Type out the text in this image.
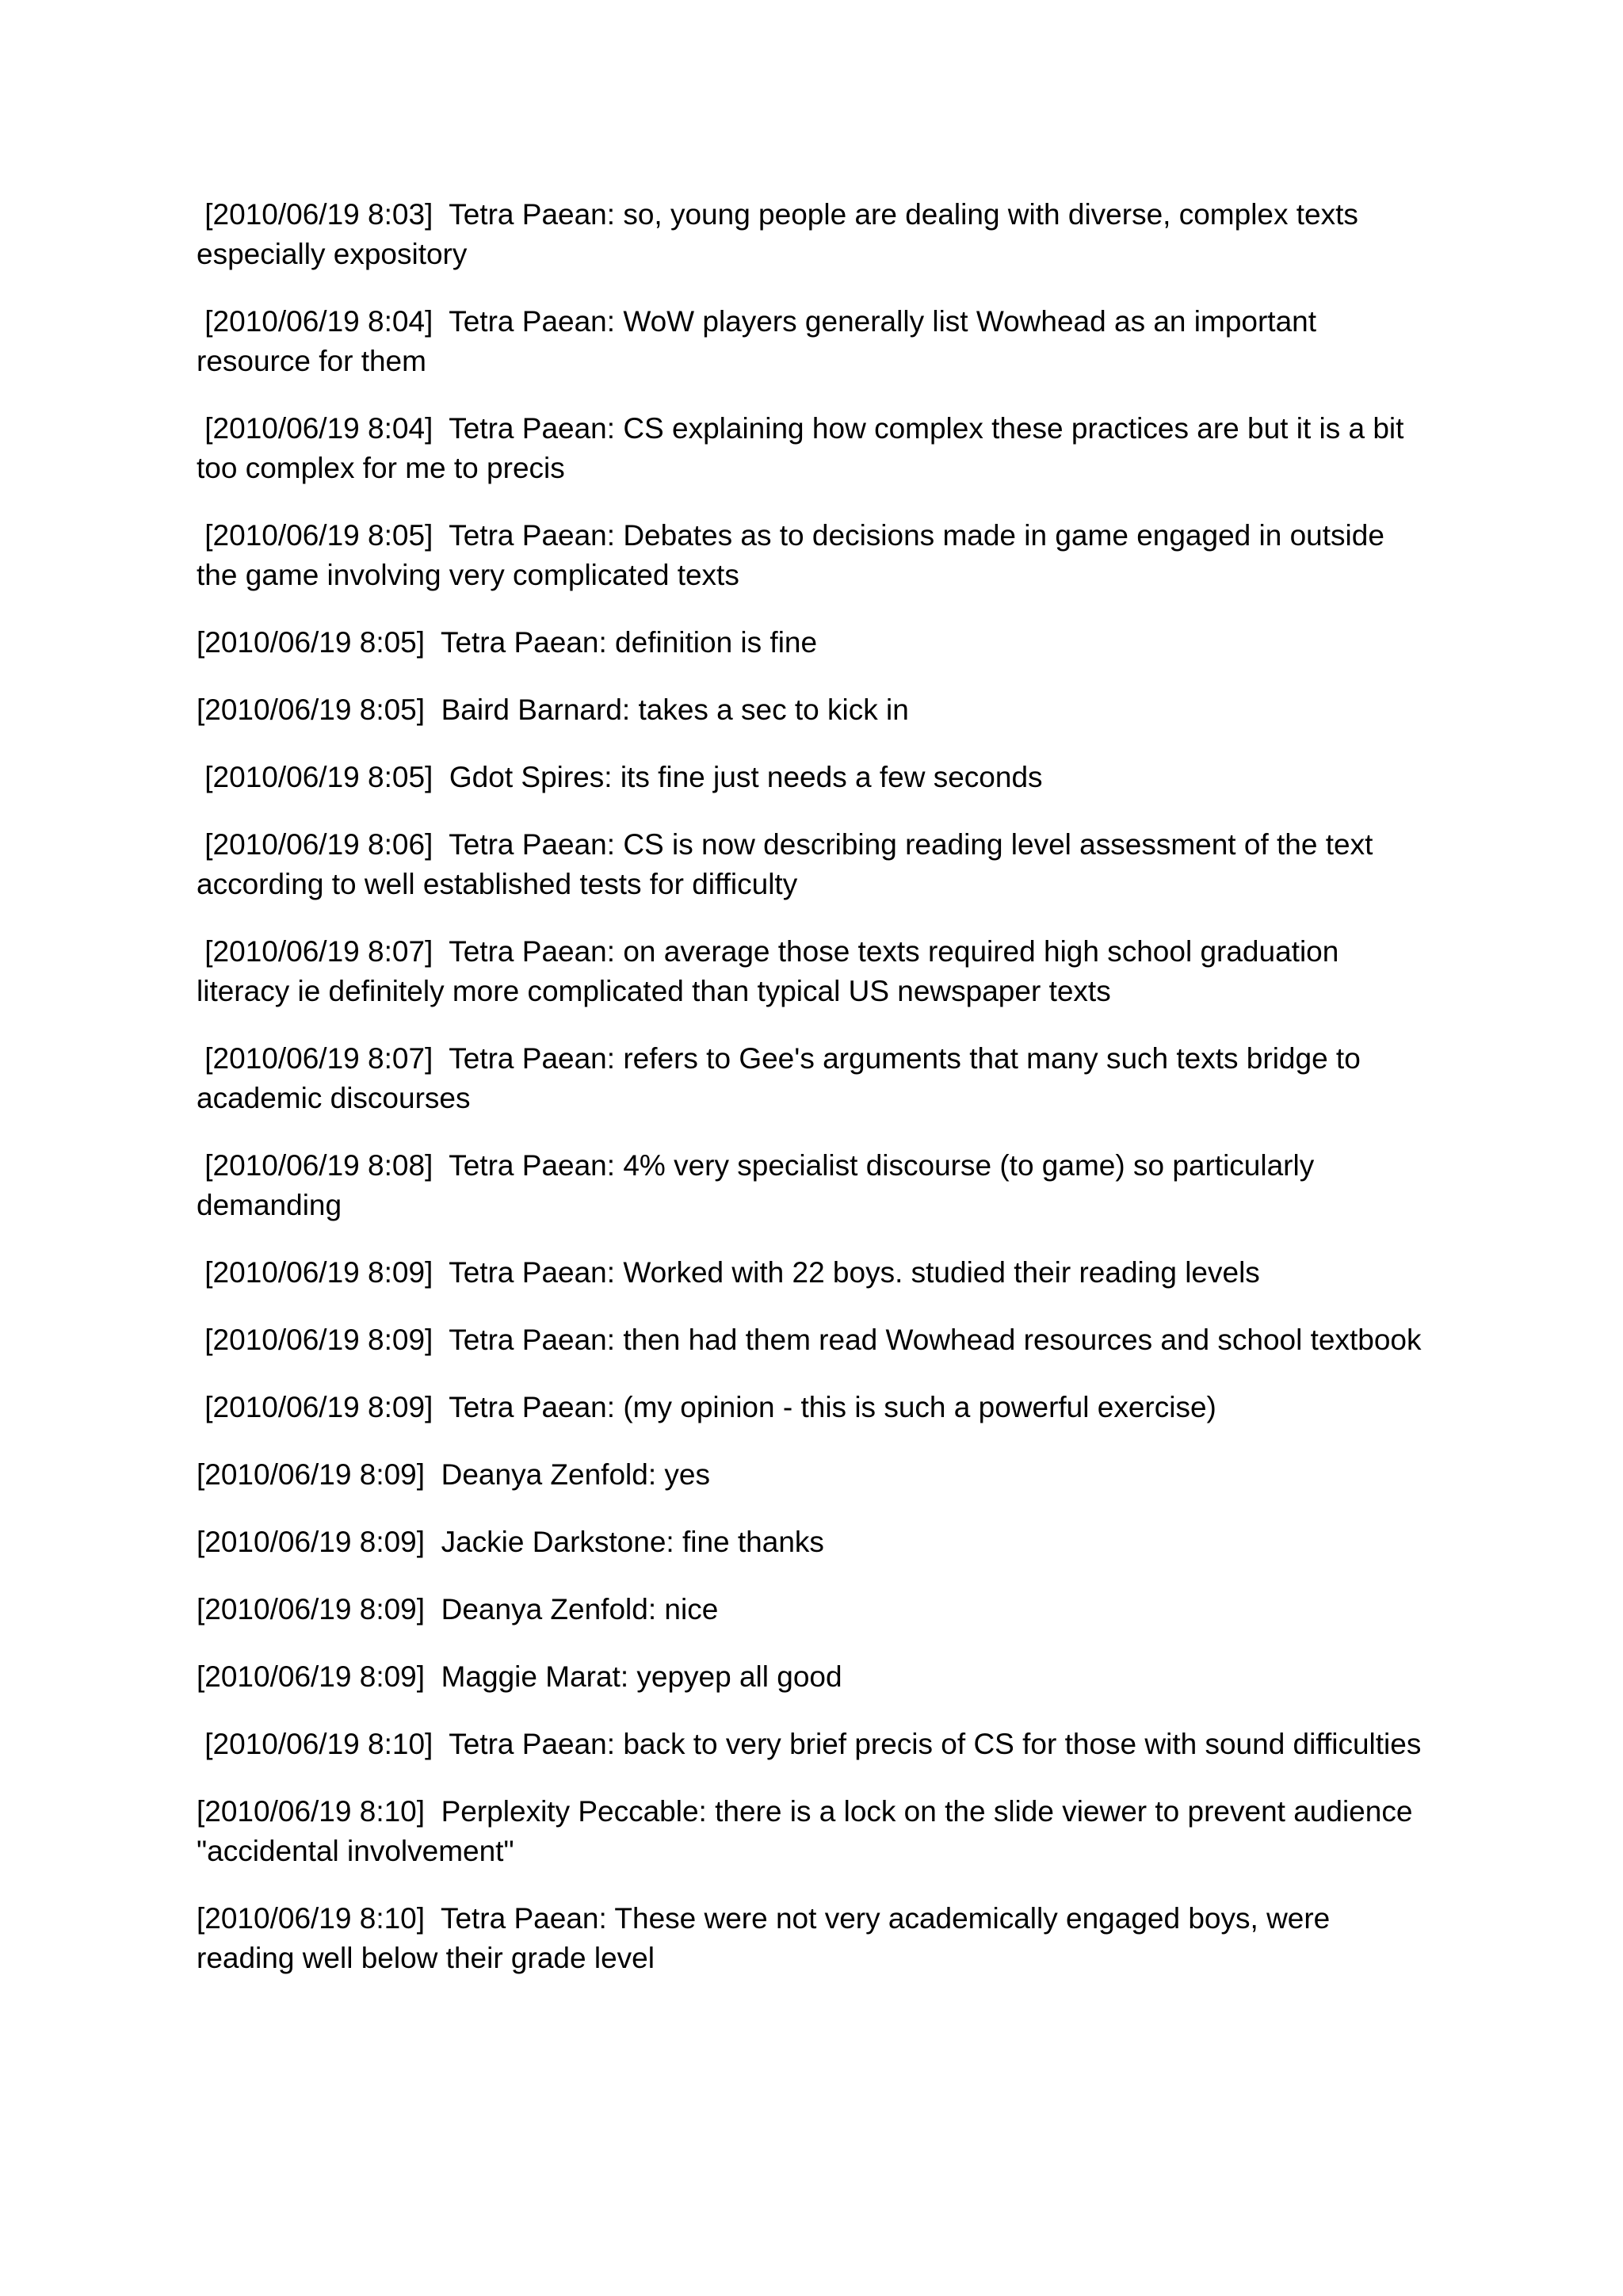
[2010/06/19 8:03] Tetra Paean: so, young people are dealing with diverse, complex texts especially expository
[2010/06/19 8:04] Tetra Paean: WoW players generally list Wowhead as an important resource for them
[2010/06/19 8:04] Tetra Paean: CS explaining how complex these practices are but it is a bit too complex for me to precis
[2010/06/19 8:05] Tetra Paean: Debates as to decisions made in game engaged in outside the game involving very complicated texts
[2010/06/19 8:05] Tetra Paean: definition is fine
[2010/06/19 8:05] Baird Barnard: takes a sec to kick in
[2010/06/19 8:05] Gdot Spires: its fine just needs a few seconds
[2010/06/19 8:06] Tetra Paean: CS is now describing reading level assessment of the text according to well established tests for difficulty
[2010/06/19 8:07] Tetra Paean: on average those texts required high school graduation literacy ie definitely more complicated than typical US newspaper texts
[2010/06/19 8:07] Tetra Paean: refers to Gee's arguments that many such texts bridge to academic discourses
[2010/06/19 8:08] Tetra Paean: 4% very specialist discourse (to game) so particularly demanding
[2010/06/19 8:09] Tetra Paean: Worked with 22 boys. studied their reading levels
[2010/06/19 8:09] Tetra Paean: then had them read Wowhead resources and school textbook
[2010/06/19 8:09] Tetra Paean: (my opinion - this is such a powerful exercise)
[2010/06/19 8:09] Deanya Zenfold: yes
[2010/06/19 8:09] Jackie Darkstone: fine thanks
[2010/06/19 8:09] Deanya Zenfold: nice
[2010/06/19 8:09] Maggie Marat: yepyep all good
[2010/06/19 8:10] Tetra Paean: back to very brief precis of CS for those with sound difficulties
[2010/06/19 8:10] Perplexity Peccable: there is a lock on the slide viewer to prevent audience "accidental involvement"
[2010/06/19 8:10] Tetra Paean: These were not very academically engaged boys, were reading well below their grade level
